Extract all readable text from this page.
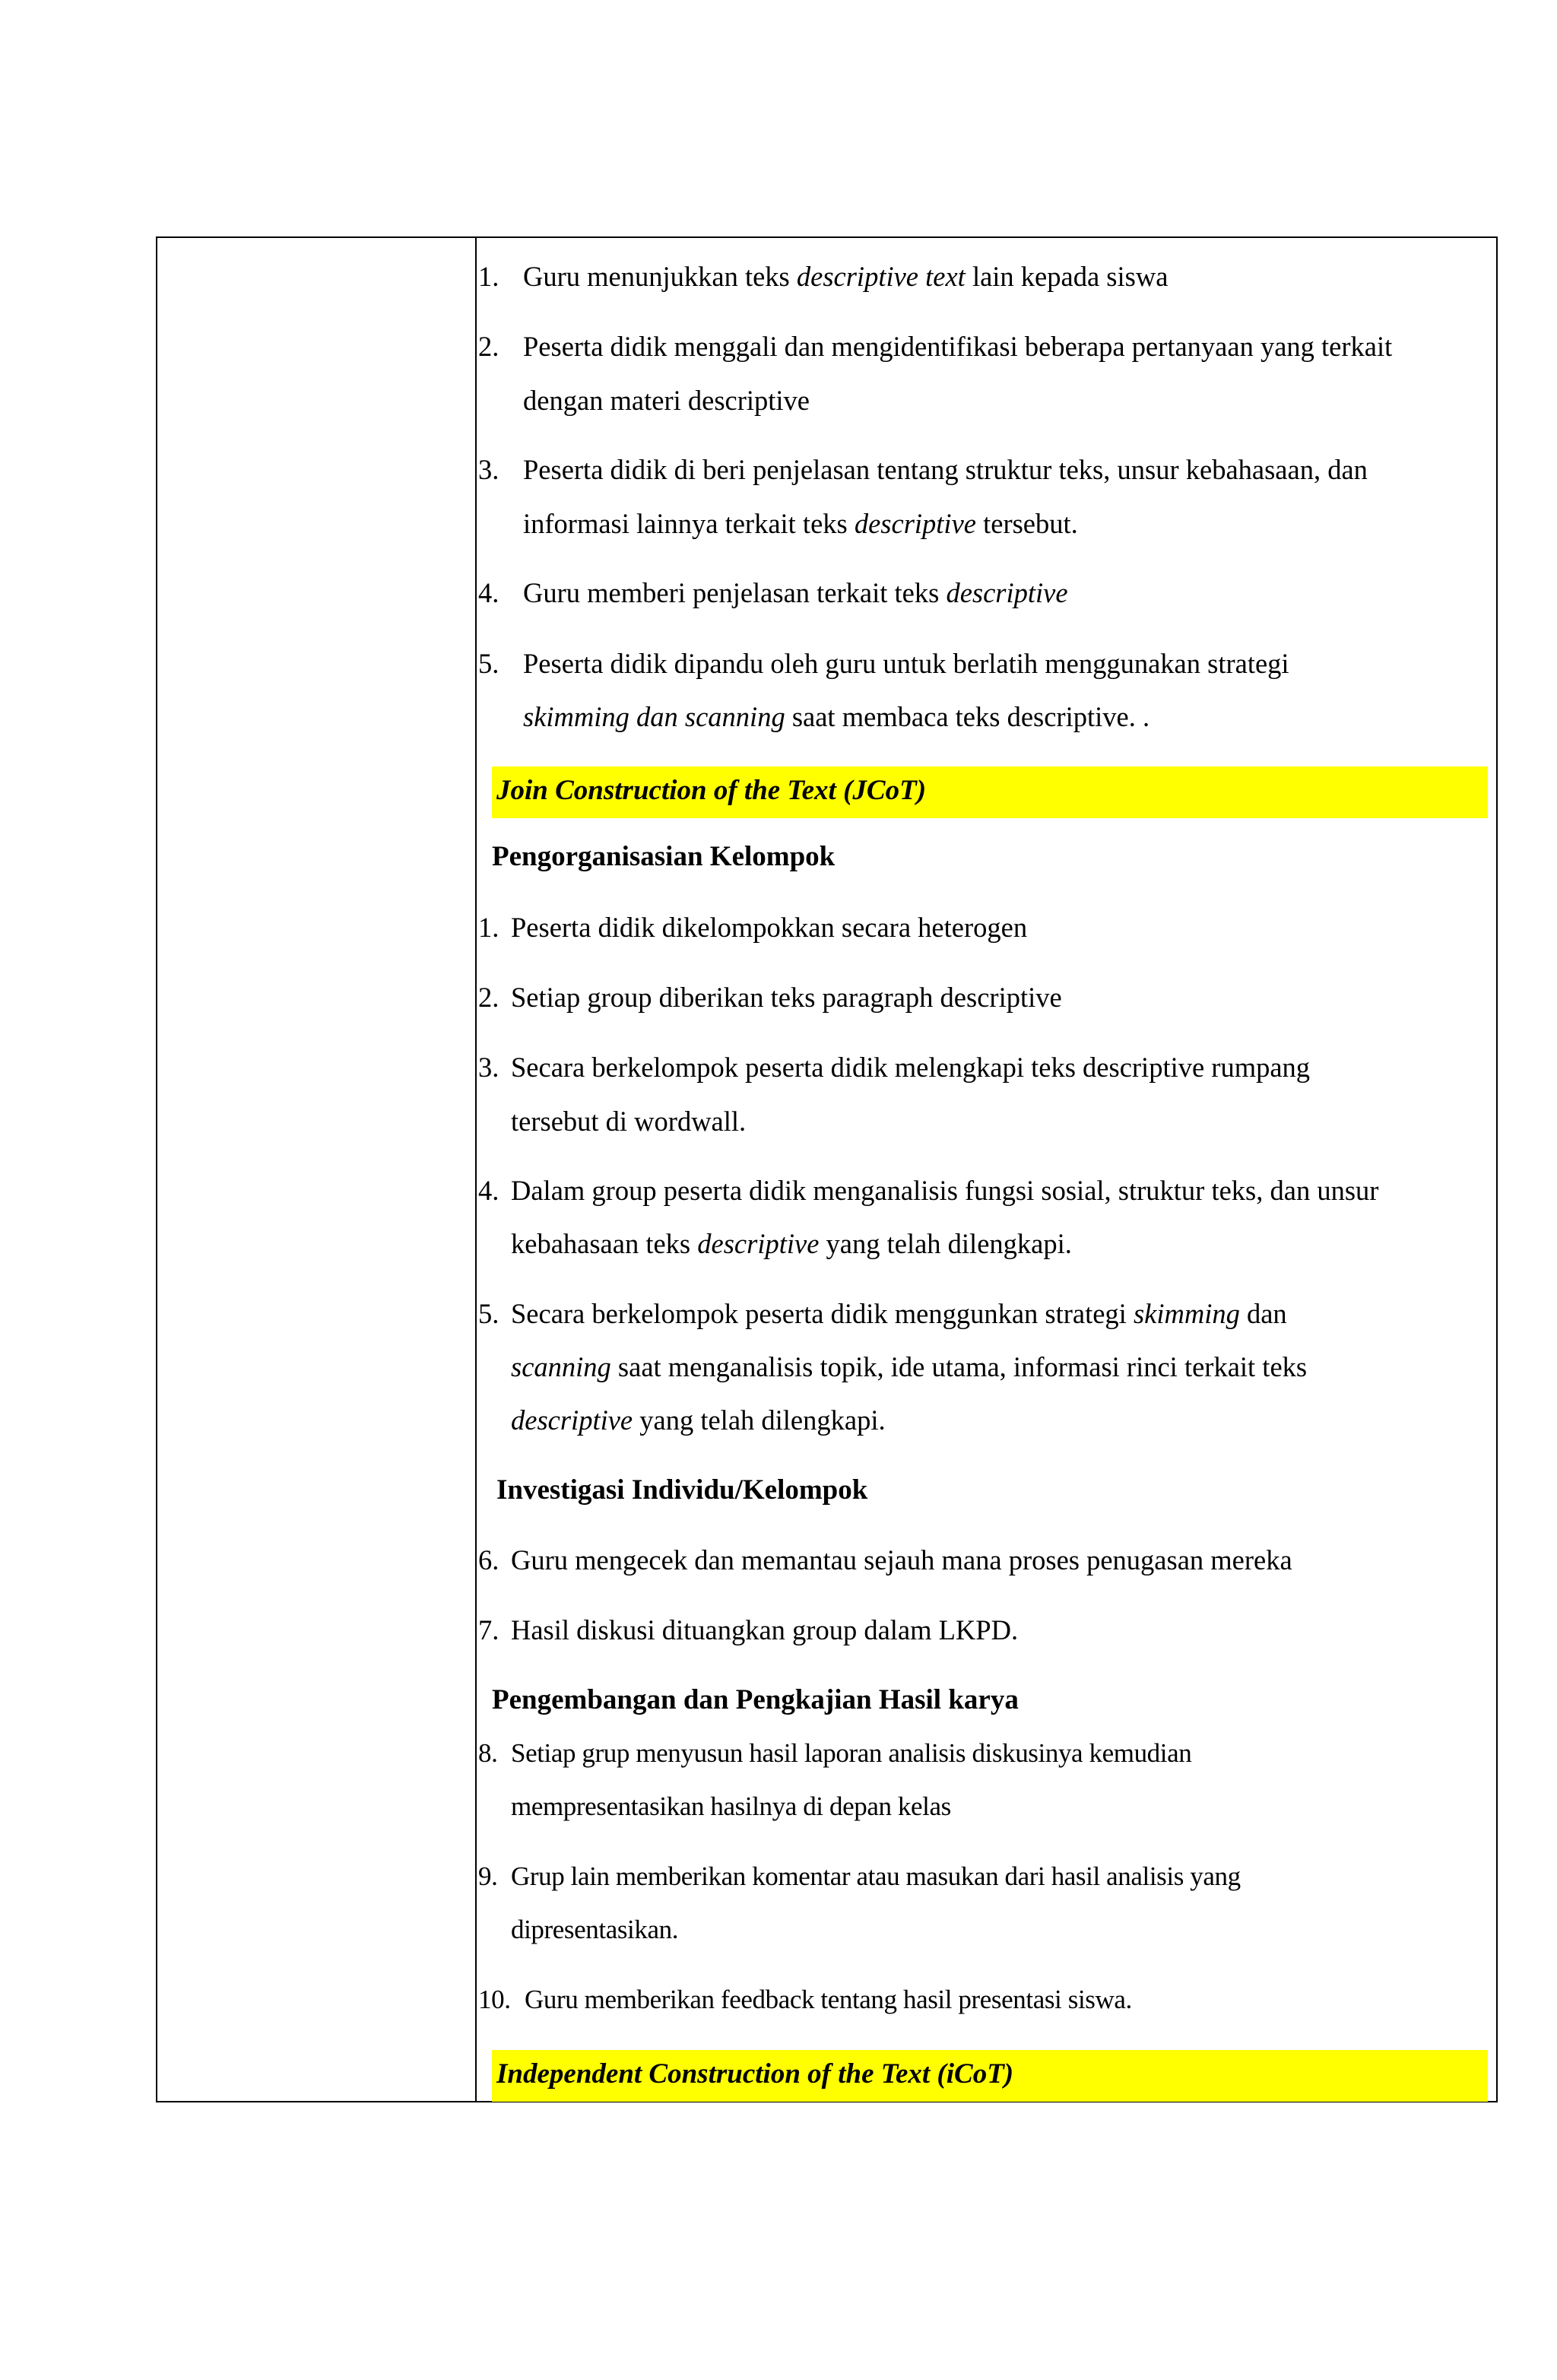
1. Guru menunjukkan teks descriptive text lain kepada siswa
2. Peserta didik menggali dan mengidentifikasi beberapa pertanyaan yang terkait
dengan materi descriptive
3. Peserta didik di beri penjelasan tentang struktur teks, unsur kebahasaan, dan
informasi lainnya terkait teks descriptive tersebut.
4. Guru memberi penjelasan terkait teks descriptive
5. Peserta didik dipandu oleh guru untuk berlatih menggunakan strategi
skimming dan scanning saat membaca teks descriptive. .
Join Construction of the Text (JCoT)
Pengorganisasian Kelompok
1. Peserta didik dikelompokkan secara heterogen
2. Setiap group diberikan teks paragraph descriptive
3. Secara berkelompok peserta didik melengkapi teks descriptive rumpang
tersebut di wordwall.
4. Dalam group peserta didik menganalisis fungsi sosial, struktur teks, dan unsur
kebahasaan teks descriptive yang telah dilengkapi.
5. Secara berkelompok peserta didik menggunkan strategi skimming dan
scanning saat menganalisis topik, ide utama, informasi rinci terkait teks
descriptive yang telah dilengkapi.
Investigasi Individu/Kelompok
6. Guru mengecek dan memantau sejauh mana proses penugasan mereka
7. Hasil diskusi dituangkan group dalam LKPD.
Pengembangan dan Pengkajian Hasil karya
8. Setiap grup menyusun hasil laporan analisis diskusinya kemudian
mempresentasikan hasilnya di depan kelas
9. Grup lain memberikan komentar atau masukan dari hasil analisis yang
dipresentasikan.
10. Guru memberikan feedback tentang hasil presentasi siswa.
Independent Construction of the Text (iCoT)
